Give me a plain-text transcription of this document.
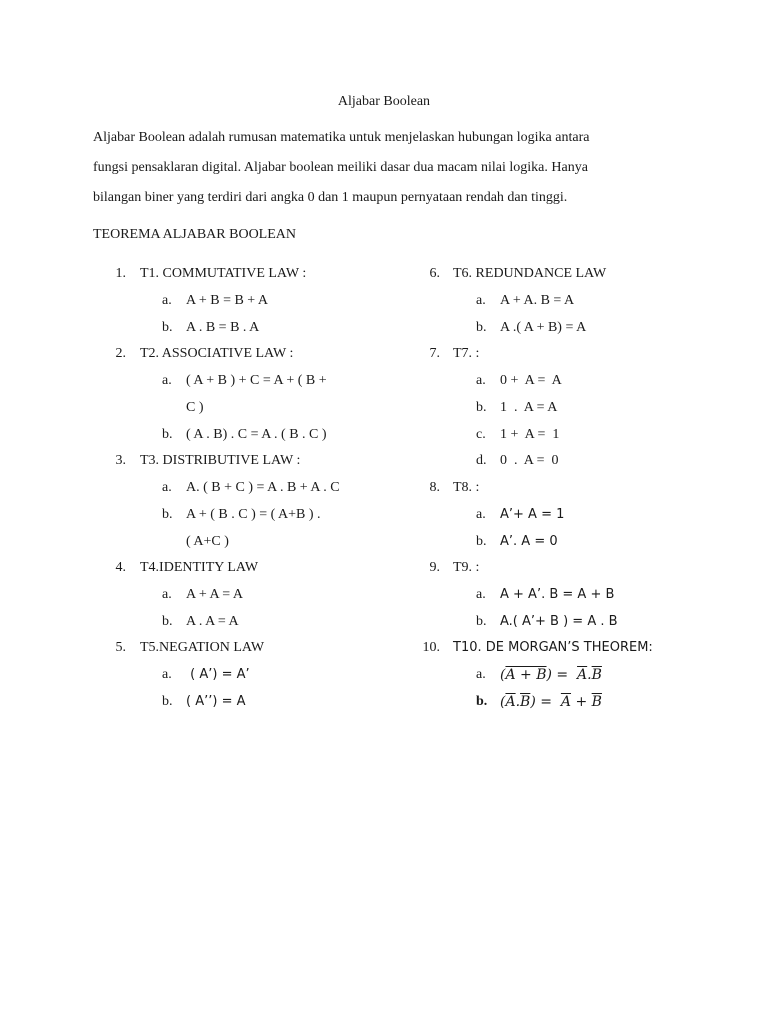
Aljabar Boolean
Aljabar Boolean adalah rumusan matematika untuk menjelaskan hubungan logika antara
fungsi pensaklaran digital. Aljabar boolean meiliki dasar dua macam nilai logika. Hanya
bilangan biner yang terdiri dari angka 0 dan 1 maupun pernyataan rendah dan tinggi.
TEOREMA ALJABAR BOOLEAN
1. T1. COMMUTATIVE LAW :
a. A + B = B + A
b. A . B = B . A
2. T2. ASSOCIATIVE LAW :
a. ( A + B ) + C = A + ( B +
C )
b. ( A . B) . C = A . ( B . C )
3. T3. DISTRIBUTIVE LAW :
a. A. ( B + C ) = A . B + A . C
b. A + ( B . C ) = ( A+B ) .
( A+C )
4. T4.IDENTITY LAW
a. A + A = A
b. A . A = A
5. T5.NEGATION LAW
a. ( A’) = A’
b. ( A’’) = A
6. T6. REDUNDANCE LAW
a. A + A. B = A
b. A .( A + B) = A
7. T7. :
a. 0 +  A =  A
b. 1  .  A = A
c. 1 +  A =  1
d. 0  .  A =  0
8. T8. :
a. A’+ A = 1
b. A’. A = 0
9. T9. :
a. A + A’. B = A + B
b. A.( A’+ B ) = A . B
10. T10. DE MORGAN’S THEOREM:
a. $(A + B) = \overline{A}.\overline{B}$
b. $(\overline{A}.\overline{B}) = \overline{A} + \overline{B}$
